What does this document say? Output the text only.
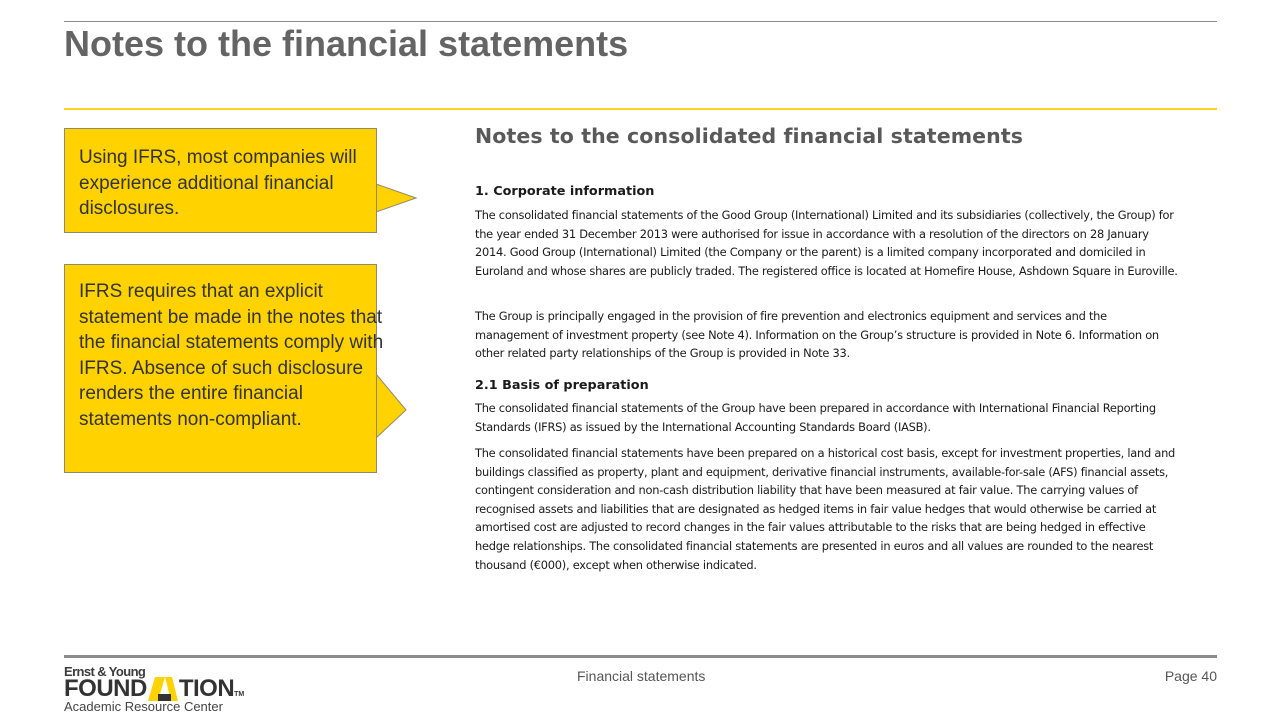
Notes to the financial statements

Using IFRS, most companies will experience additional financial disclosures.

IFRS requires that an explicit statement be made in the notes that the financial statements comply with IFRS. Absence of such disclosure renders the entire financial statements non-compliant.

Notes to the consolidated financial statements
1. Corporate information

The consolidated financial statements of the Good Group (International) Limited and its subsidiaries (collectively, the Group) for the year ended 31 December 2013 were authorised for issue in accordance with a resolution of the directors on 28 January 2014. Good Group (International) Limited (the Company or the parent) is a limited company incorporated and domiciled in Euroland and whose shares are publicly traded. The registered office is located at Homefire House, Ashdown Square in Euroville.

The Group is principally engaged in the provision of fire prevention and electronics equipment and services and the management of investment property (see Note 4). Information on the Group’s structure is provided in Note 6. Information on other related party relationships of the Group is provided in Note 33.

2.1 Basis of preparation

The consolidated financial statements of the Group have been prepared in accordance with International Financial Reporting Standards (IFRS) as issued by the International Accounting Standards Board (IASB).

The consolidated financial statements have been prepared on a historical cost basis, except for investment properties, land and buildings classified as property, plant and equipment, derivative financial instruments, available-for-sale (AFS) financial assets, contingent consideration and non-cash distribution liability that have been measured at fair value. The carrying values of recognised assets and liabilities that are designated as hedged items in fair value hedges that would otherwise be carried at amortised cost are adjusted to record changes in the fair values attributable to the risks that are being hedged in effective hedge relationships. The consolidated financial statements are presented in euros and all values are rounded to the nearest thousand (€000), except when otherwise indicated.

Ernst & Young
FOUND TION TM
Academic Resource Center
Financial statements	Page 40
